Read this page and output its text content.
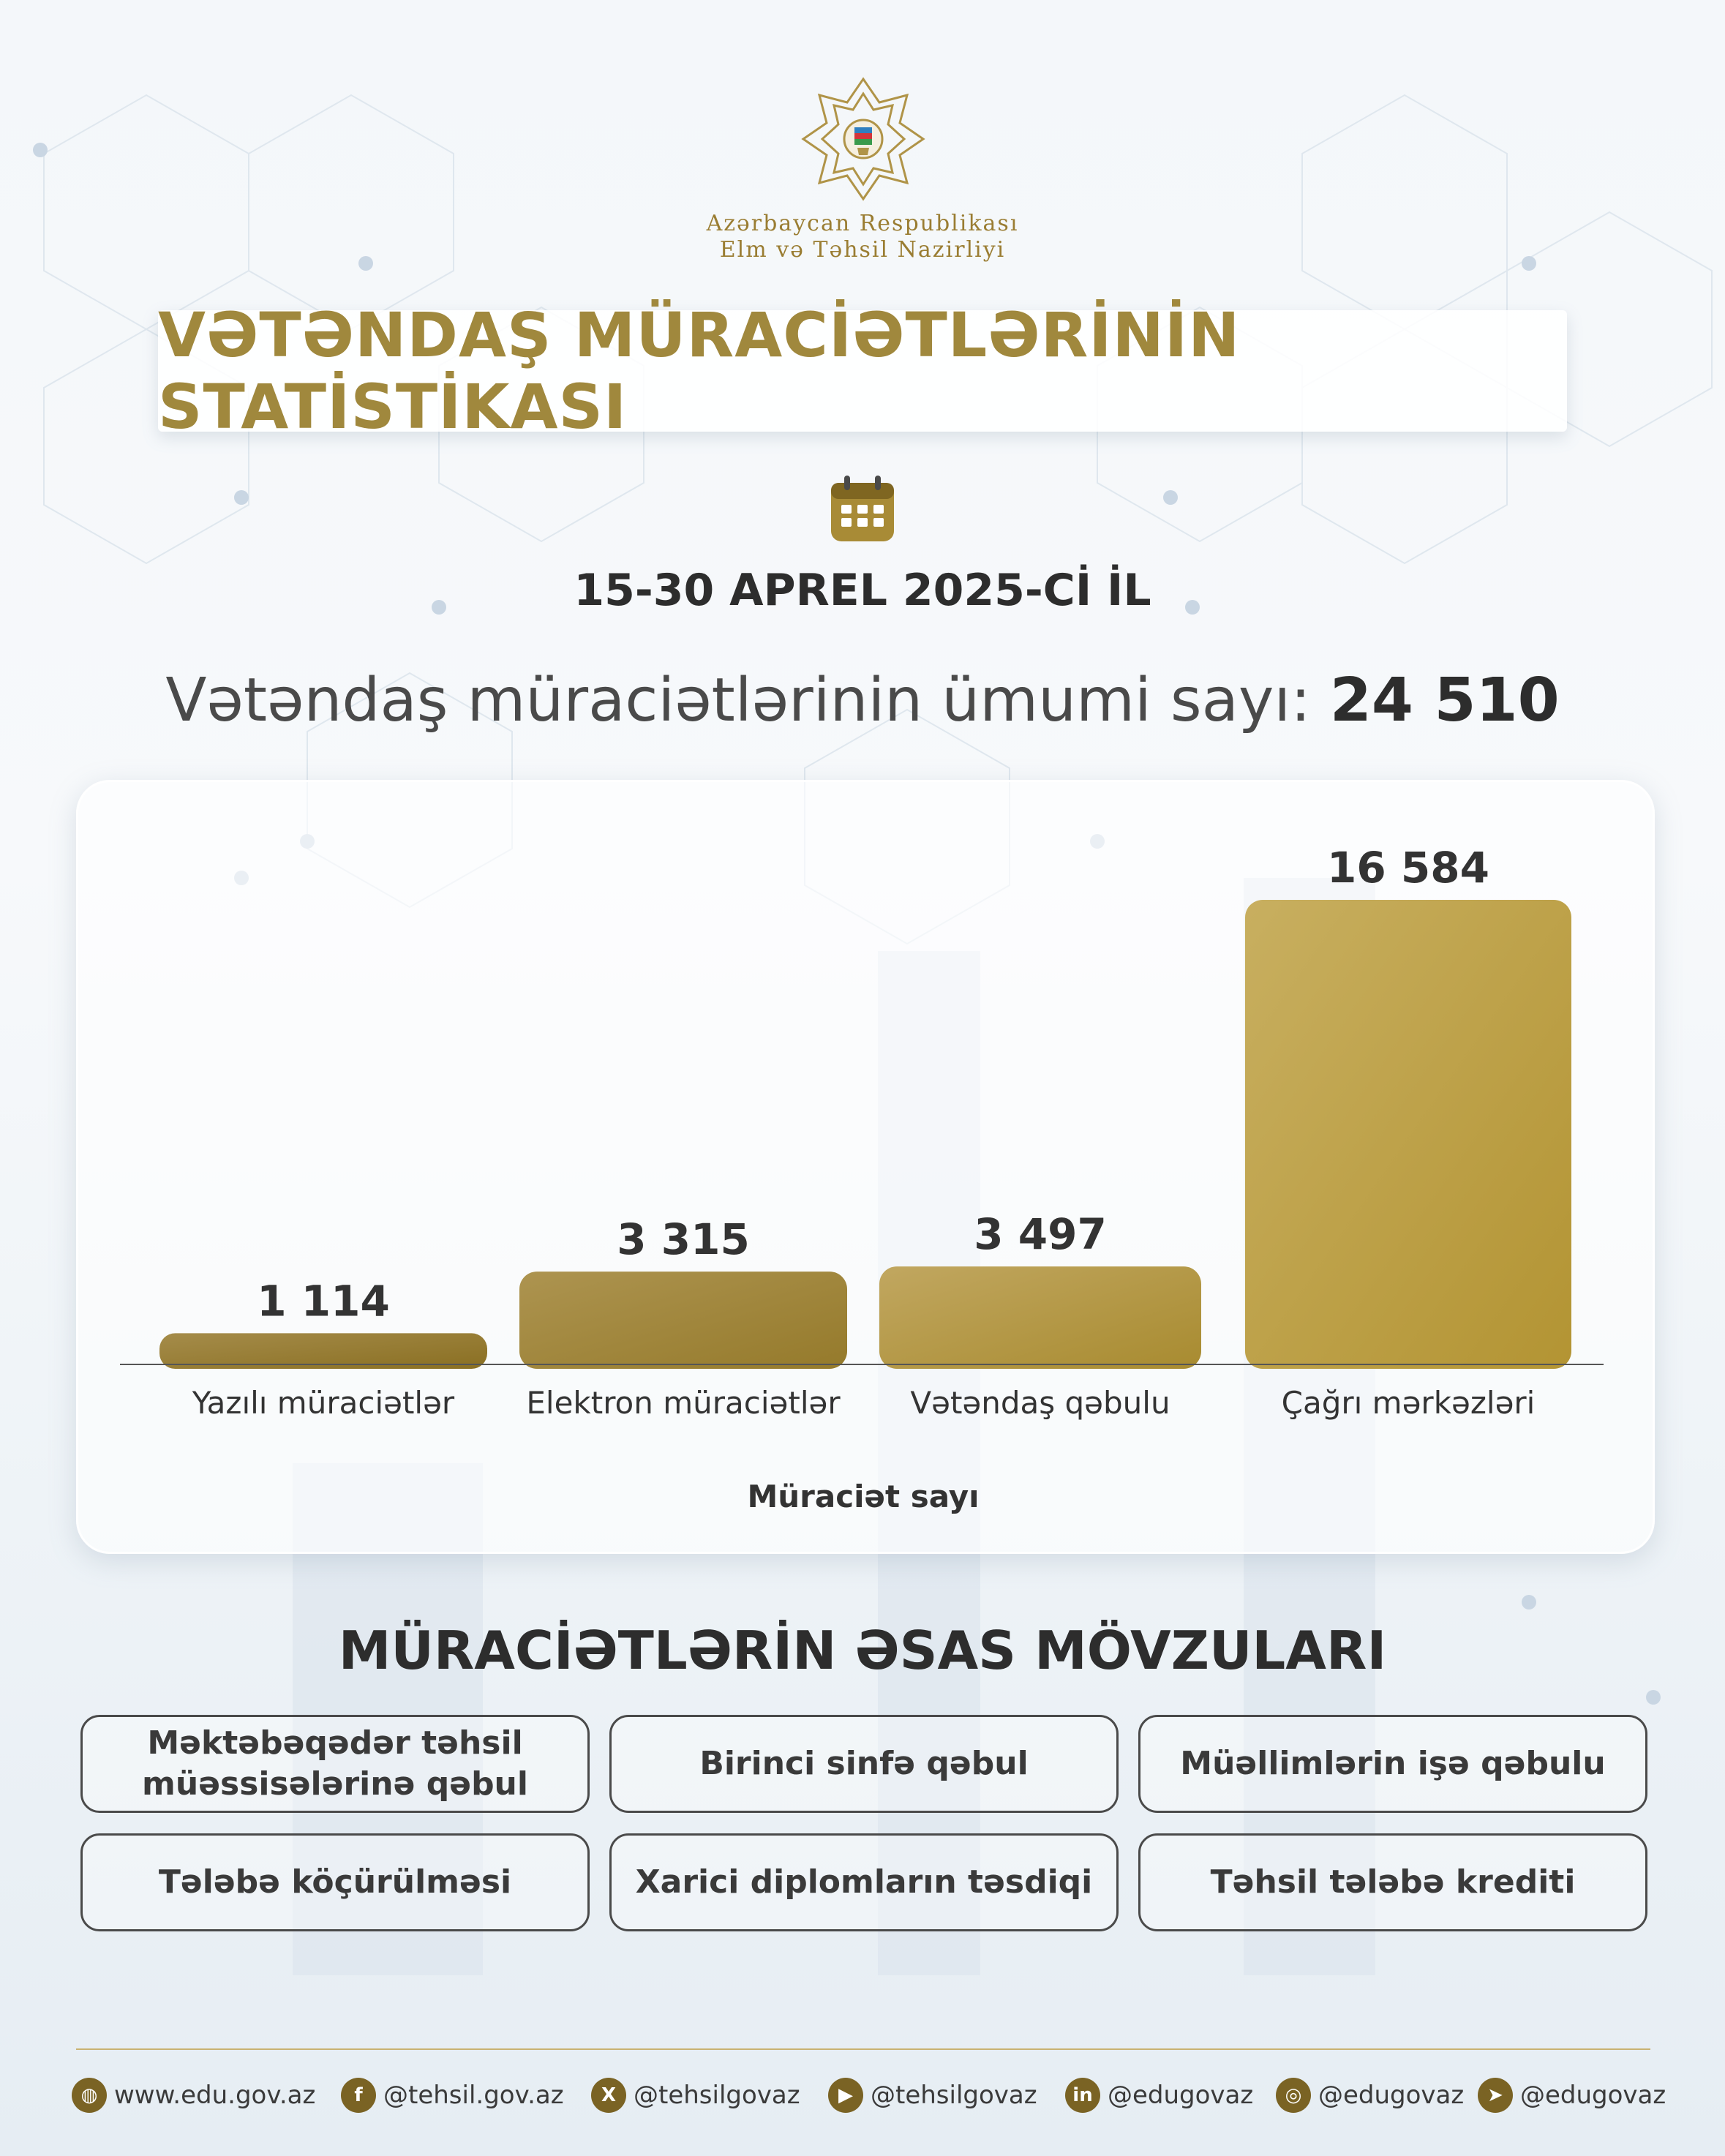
Azərbaycan Respublikası
Elm və Təhsil Nazirliyi
VƏTƏNDAŞ MÜRACİƏTLƏRİNİN STATİSTİKASI
15-30 APREL 2025-Cİ İL
Vətəndaş müraciətlərinin ümumi sayı: 24 510
1 114
Yazılı müraciətlər
3 315
Elektron müraciətlər
3 497
Vətəndaş qəbulu
16 584
Çağrı mərkəzləri
Müraciət sayı
MÜRACİƏTLƏRİN ƏSAS MÖVZULARI
Məktəbəqədər təhsil müəssisələrinə qəbul
Birinci sinfə qəbul	Müəllimlərin işə qəbulu
Tələbə köçürülməsi	Xarici diplomların təsdiqi	Təhsil tələbə krediti
◍ www.edu.gov.az	f @tehsil.gov.az	X @tehsilgovaz	▶ @tehsilgovaz	in @edugovaz	◎ @edugovaz	➤ @edugovaz
